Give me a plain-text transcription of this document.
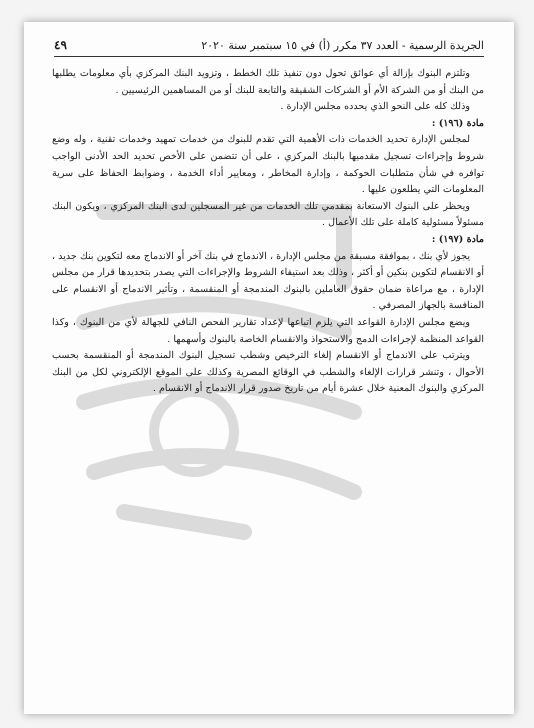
الجريدة الرسمية - العدد ٣٧ مكرر (أ) في ١٥ سبتمبر سنة ٢٠٢٠
٤٩

وتلتزم البنوك بإزالة أي عوائق تحول دون تنفيذ تلك الخطط ، وتزويد البنك المركزي بأي معلومات يطلبها من البنك أو من الشركة الأم أو الشركات الشقيقة والتابعة للبنك أو من المساهمين الرئيسيين .

وذلك كله على النحو الذي يحدده مجلس الإدارة .

مادة (١٩٦) :

لمجلس الإدارة تحديد الخدمات ذات الأهمية التي تقدم للبنوك من خدمات تمهيد وخدمات تقنية ، وله وضع شروط وإجراءات تسجيل مقدميها بالبنك المركزي ، على أن تتضمن على الأخص تحديد الحد الأدنى الواجب توافره في شأن متطلبات الحوكمة ، وإدارة المخاطر ، ومعايير أداء الخدمة ، وضوابط الحفاظ على سرية المعلومات التي يطلعون عليها .

ويحظر على البنوك الاستعانة بمقدمي تلك الخدمات من غير المسجلين لدى البنك المركزي ، ويكون البنك مسئولاً مسئولية كاملة على تلك الأعمال .

مادة (١٩٧) :

يجوز لأي بنك ، بموافقة مسبقة من مجلس الإدارة ، الاندماج في بنك آخر أو الاندماج معه لتكوين بنك جديد ، أو الانقسام لتكوين بنكين أو أكثر ، وذلك بعد استيفاء الشروط والإجراءات التي يصدر بتحديدها قرار من مجلس الإدارة ، مع مراعاة ضمان حقوق العاملين بالبنوك المندمجة أو المنقسمة ، وتأثير الاندماج أو الانقسام على المنافسة بالجهاز المصرفي .

ويضع مجلس الإدارة القواعد التي يلزم اتباعها لإعداد تقارير الفحص النافي للجهالة لأي من البنوك ، وكذا القواعد المنظمة لإجراءات الدمج والاستحواذ والانقسام الخاصة بالبنوك وأسهمها .

ويترتب على الاندماج أو الانقسام إلغاء الترخيص وشطب تسجيل البنوك المندمجة أو المنقسمة بحسب الأحوال ، وتنشر قرارات الإلغاء والشطب في الوقائع المصرية وكذلك على الموقع الإلكتروني لكل من البنك المركزي والبنوك المعنية خلال عشرة أيام من تاريخ صدور قرار الاندماج أو الانقسام .
